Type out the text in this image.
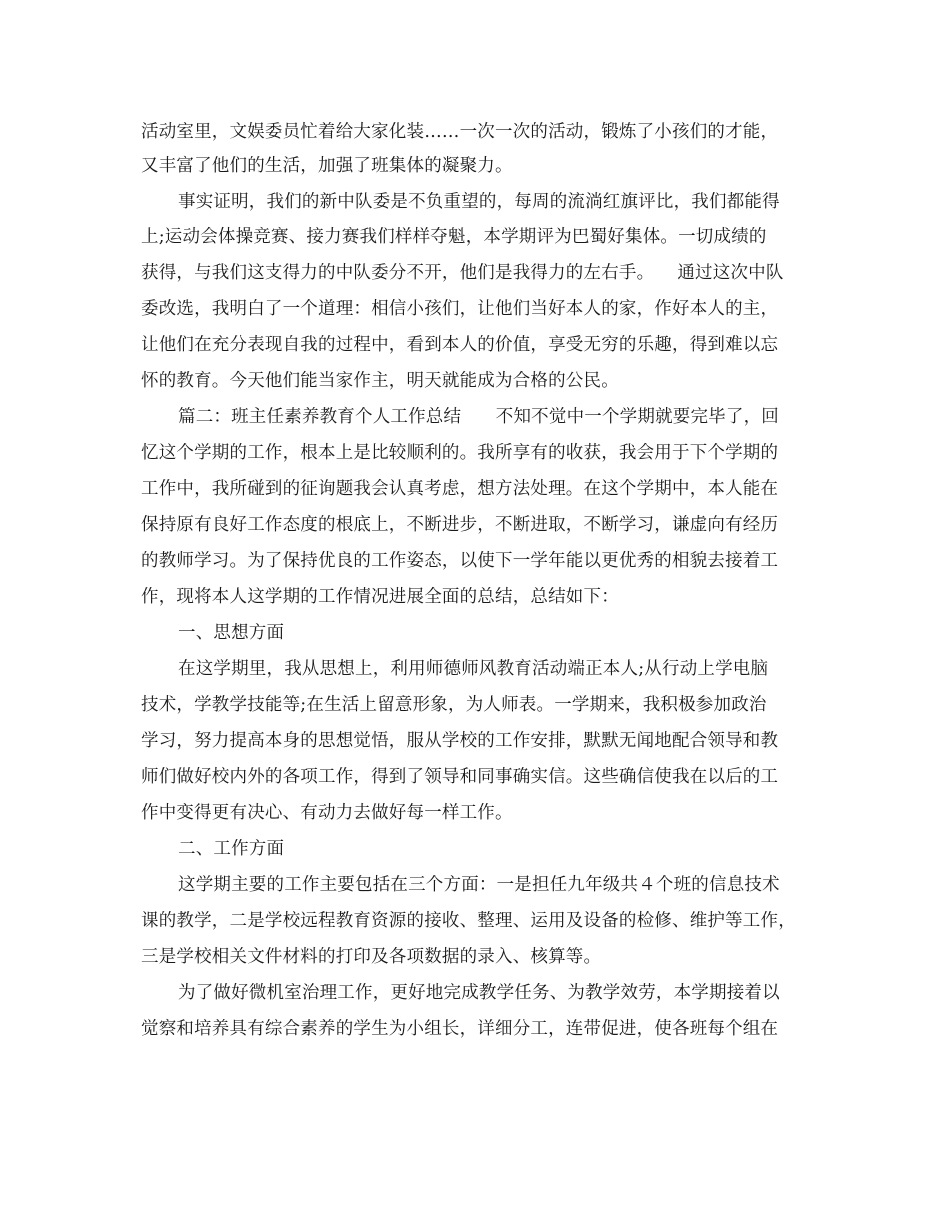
活动室里，文娱委员忙着给大家化装……一次一次的活动，锻炼了小孩们的才能，
又丰富了他们的生活，加强了班集体的凝聚力。
事实证明，我们的新中队委是不负重望的，每周的流淌红旗评比，我们都能得
上;运动会体操竞赛、接力赛我们样样夺魁，本学期评为巴蜀好集体。一切成绩的
获得，与我们这支得力的中队委分不开，他们是我得力的左右手。    通过这次中队
委改选，我明白了一个道理：相信小孩们，让他们当好本人的家，作好本人的主，
让他们在充分表现自我的过程中，看到本人的价值，享受无穷的乐趣，得到难以忘
怀的教育。今天他们能当家作主，明天就能成为合格的公民。
篇二：班主任素养教育个人工作总结      不知不觉中一个学期就要完毕了，回
忆这个学期的工作，根本上是比较顺利的。我所享有的收获，我会用于下个学期的
工作中，我所碰到的征询题我会认真考虑，想方法处理。在这个学期中，本人能在
保持原有良好工作态度的根底上，不断进步，不断进取，不断学习，谦虚向有经历
的教师学习。为了保持优良的工作姿态，以使下一学年能以更优秀的相貌去接着工
作，现将本人这学期的工作情况进展全面的总结，总结如下：
一、思想方面
在这学期里，我从思想上，利用师德师风教育活动端正本人;从行动上学电脑
技术，学教学技能等;在生活上留意形象，为人师表。一学期来，我积极参加政治
学习，努力提高本身的思想觉悟，服从学校的工作安排，默默无闻地配合领导和教
师们做好校内外的各项工作，得到了领导和同事确实信。这些确信使我在以后的工
作中变得更有决心、有动力去做好每一样工作。
二、工作方面
这学期主要的工作主要包括在三个方面：一是担任九年级共４个班的信息技术
课的教学，二是学校远程教育资源的接收、整理、运用及设备的检修、维护等工作，
三是学校相关文件材料的打印及各项数据的录入、核算等。
为了做好微机室治理工作，更好地完成教学任务、为教学效劳，本学期接着以
觉察和培养具有综合素养的学生为小组长，详细分工，连带促进，使各班每个组在
